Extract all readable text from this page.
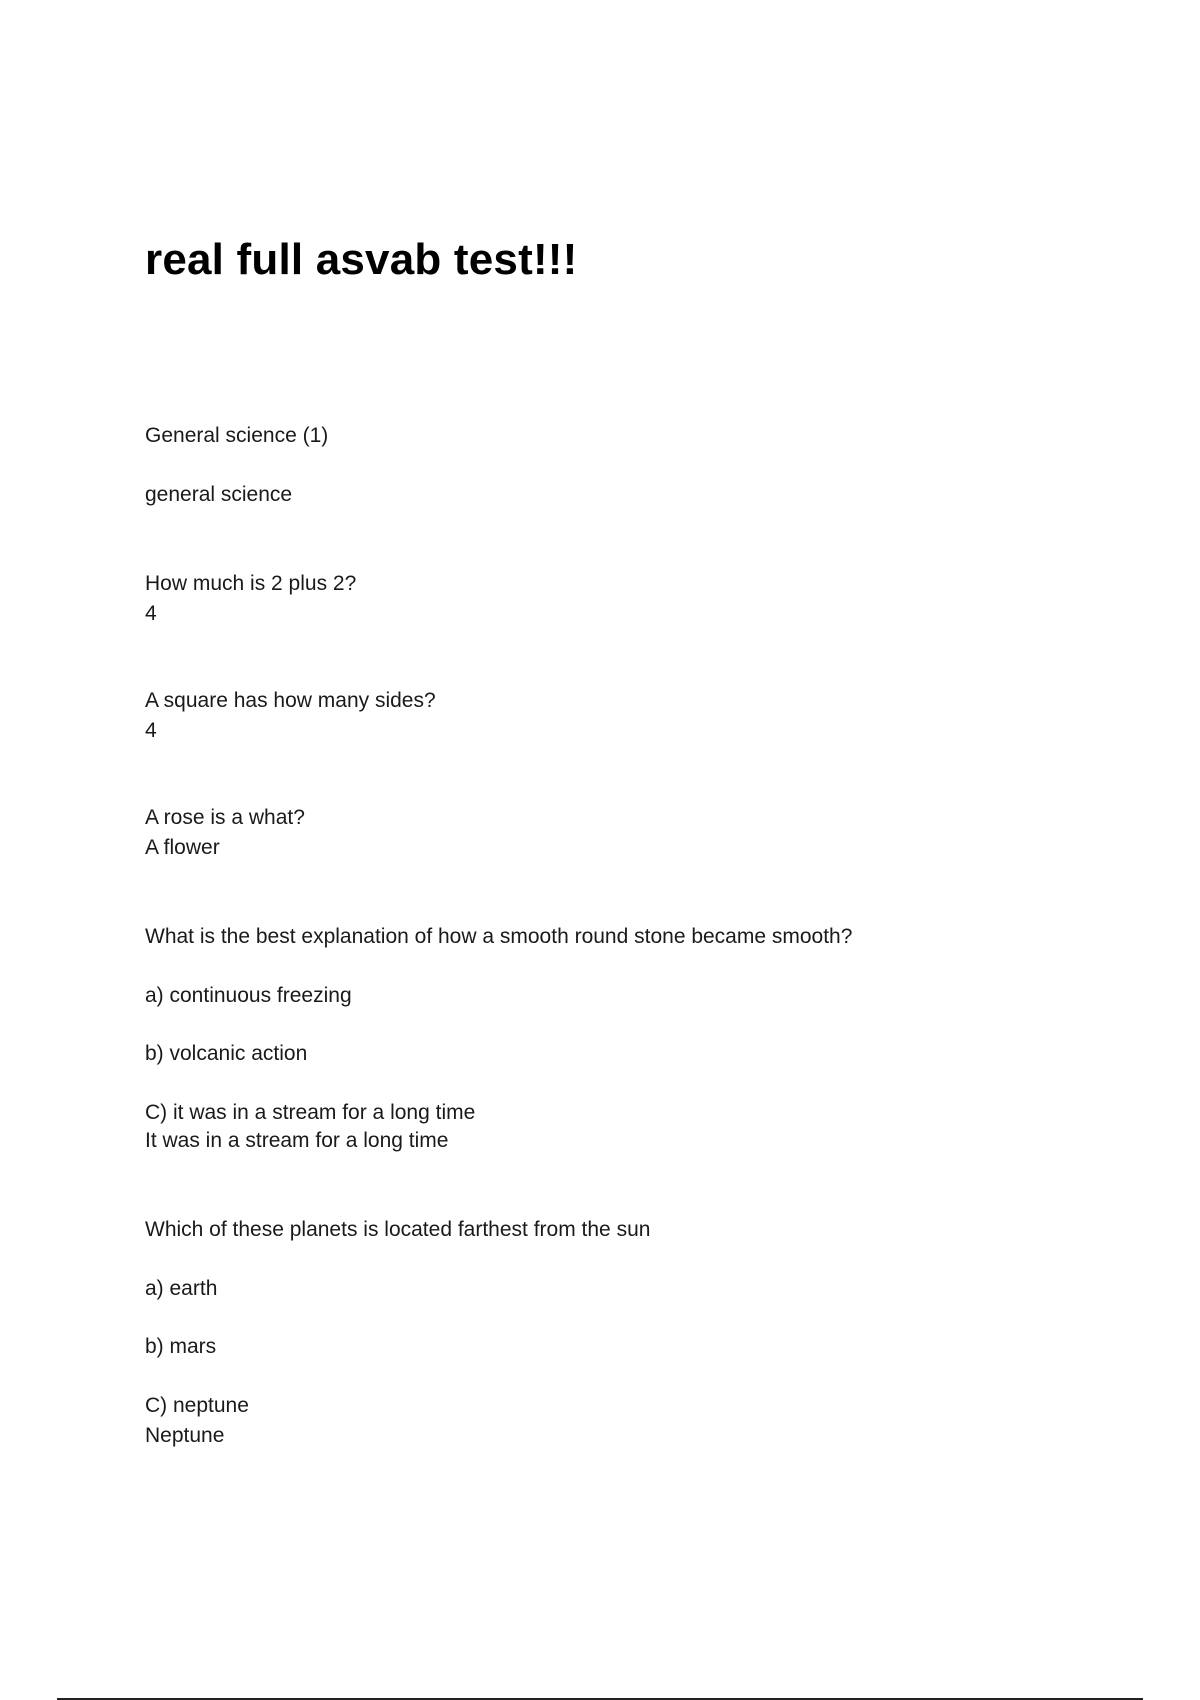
real full asvab test!!!
General science (1)
general science
How much is 2 plus 2?
4
A square has how many sides?
4
A rose is a what?
A flower
What is the best explanation of how a smooth round stone became smooth?
a) continuous freezing
b) volcanic action
C) it was in a stream for a long time
It was in a stream for a long time
Which of these planets is located farthest from the sun
a) earth
b) mars
C) neptune
Neptune
